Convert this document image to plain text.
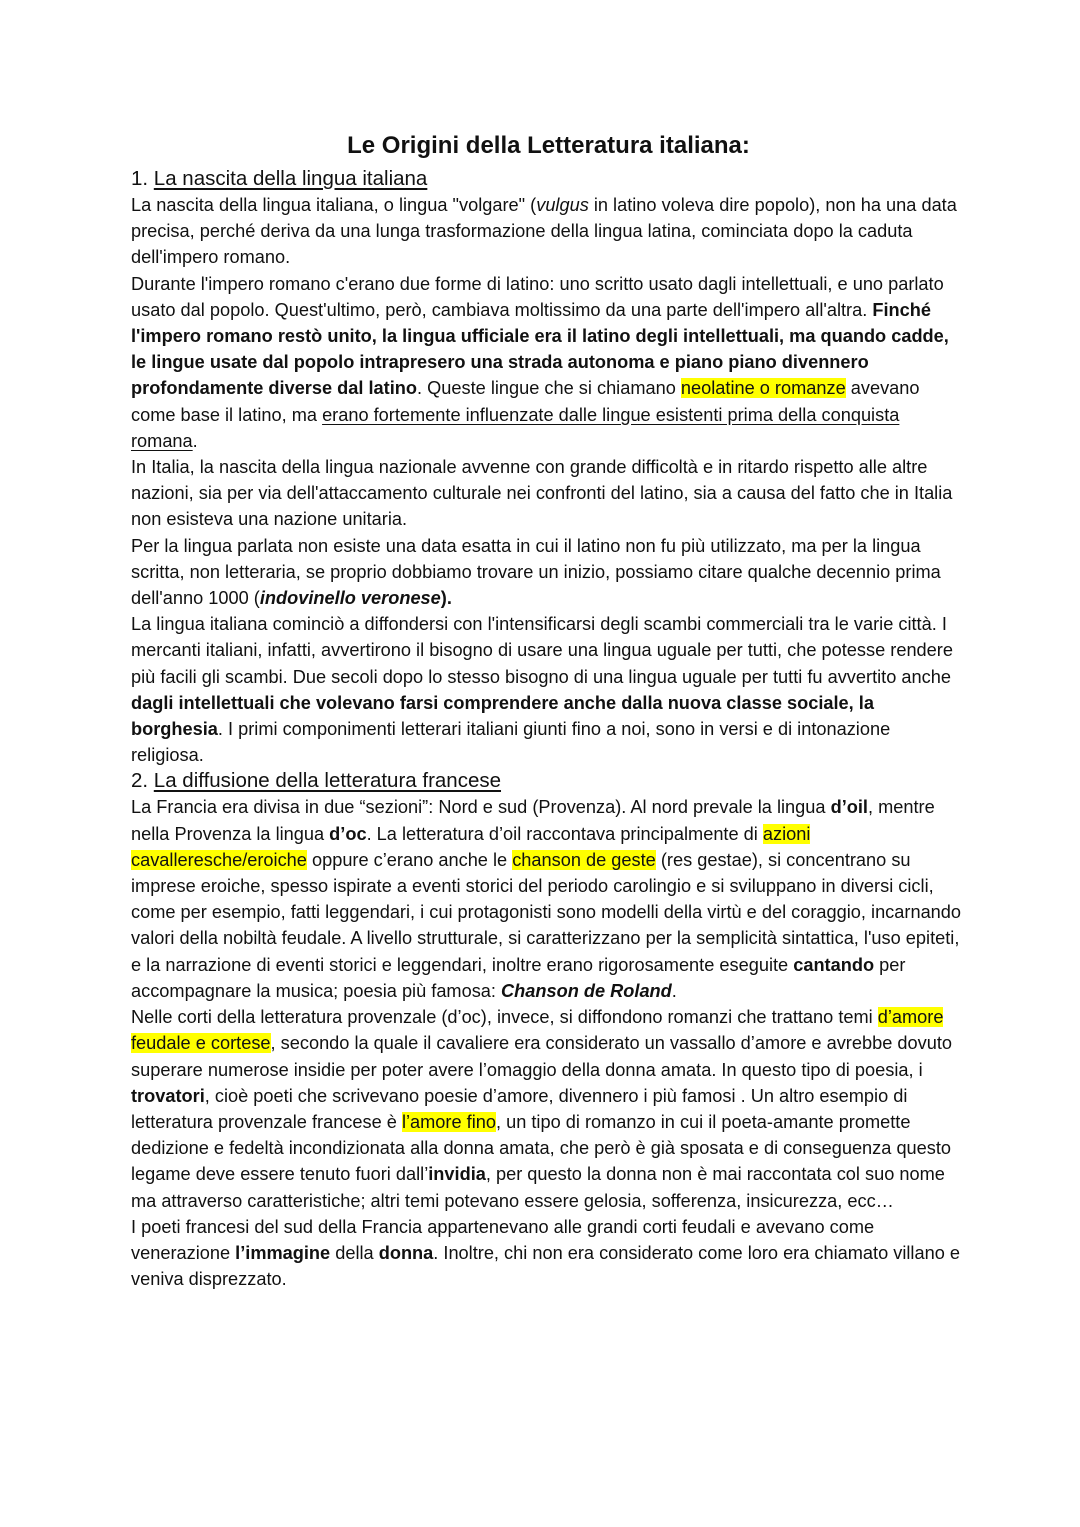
Le Origini della Letteratura italiana:
1. La nascita della lingua italiana

La nascita della lingua italiana, o lingua "volgare" (vulgus in latino voleva dire popolo), non ha una data precisa, perché deriva da una lunga trasformazione della lingua latina, cominciata dopo la caduta dell'impero romano.

Durante l'impero romano c'erano due forme di latino: uno scritto usato dagli intellettuali, e uno parlato usato dal popolo. Quest'ultimo, però, cambiava moltissimo da una parte dell'impero all'altra. Finché l'impero romano restò unito, la lingua ufficiale era il latino degli intellettuali, ma quando cadde, le lingue usate dal popolo intrapresero una strada autonoma e piano piano divennero profondamente diverse dal latino. Queste lingue che si chiamano neolatine o romanze avevano come base il latino, ma erano fortemente influenzate dalle lingue esistenti prima della conquista romana.

In Italia, la nascita della lingua nazionale avvenne con grande difficoltà e in ritardo rispetto alle altre nazioni, sia per via dell'attaccamento culturale nei confronti del latino, sia a causa del fatto che in Italia non esisteva una nazione unitaria.

Per la lingua parlata non esiste una data esatta in cui il latino non fu più utilizzato, ma per la lingua scritta, non letteraria, se proprio dobbiamo trovare un inizio, possiamo citare qualche decennio prima dell'anno 1000 (indovinello veronese).

La lingua italiana cominciò a diffondersi con l'intensificarsi degli scambi commerciali tra le varie città. I mercanti italiani, infatti, avvertirono il bisogno di usare una lingua uguale per tutti, che potesse rendere più facili gli scambi. Due secoli dopo lo stesso bisogno di una lingua uguale per tutti fu avvertito anche dagli intellettuali che volevano farsi comprendere anche dalla nuova classe sociale, la borghesia. I primi componimenti letterari italiani giunti fino a noi, sono in versi e di intonazione religiosa.

2. La diffusione della letteratura francese

La Francia era divisa in due “sezioni”: Nord e sud (Provenza). Al nord prevale la lingua d’oil, mentre nella Provenza la lingua d’oc. La letteratura d’oil raccontava principalmente di azioni cavalleresche/eroiche oppure c’erano anche le chanson de geste (res gestae), si concentrano su imprese eroiche, spesso ispirate a eventi storici del periodo carolingio e si sviluppano in diversi cicli, come per esempio, fatti leggendari, i cui protagonisti sono modelli della virtù e del coraggio, incarnando valori della nobiltà feudale. A livello strutturale, si caratterizzano per la semplicità sintattica, l'uso epiteti, e la narrazione di eventi storici e leggendari, inoltre erano rigorosamente eseguite cantando per accompagnare la musica; poesia più famosa: Chanson de Roland.

Nelle corti della letteratura provenzale (d’oc), invece, si diffondono romanzi che trattano temi d’amore feudale e cortese, secondo la quale il cavaliere era considerato un vassallo d’amore e avrebbe dovuto superare numerose insidie per poter avere l’omaggio della donna amata. In questo tipo di poesia, i trovatori, cioè poeti che scrivevano poesie d’amore, divennero i più famosi . Un altro esempio di letteratura provenzale francese è l’amore fino, un tipo di romanzo in cui il poeta-amante promette dedizione e fedeltà incondizionata alla donna amata, che però è già sposata e di conseguenza questo legame deve essere tenuto fuori dall’invidia, per questo la donna non è mai raccontata col suo nome ma attraverso caratteristiche; altri temi potevano essere gelosia, sofferenza, insicurezza, ecc…

I poeti francesi del sud della Francia appartenevano alle grandi corti feudali e avevano come venerazione l’immagine della donna. Inoltre, chi non era considerato come loro era chiamato villano e veniva disprezzato.
